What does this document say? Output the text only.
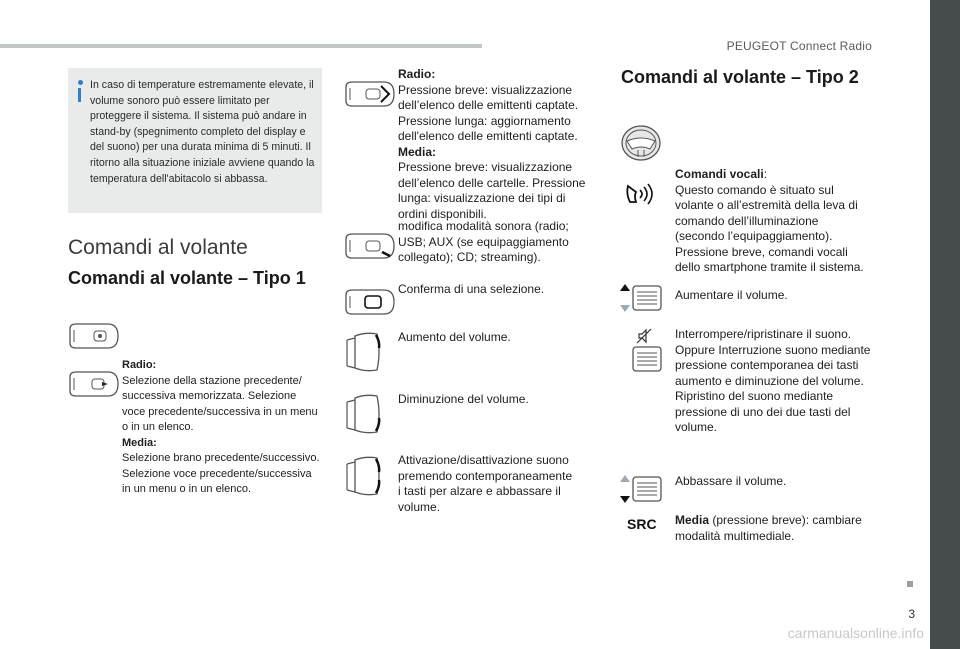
PEUGEOT Connect Radio
In caso di temperature estremamente elevate, il volume sonoro può essere limitato per proteggere il sistema. Il sistema può andare in stand-by (spegnimento completo del display e del suono) per una durata minima di 5 minuti. Il ritorno alla situazione iniziale avviene quando la temperatura dell'abitacolo si abbassa.
Comandi al volante
Comandi al volante – Tipo 1
Comandi al volante – Tipo 2
Radio:
Selezione della stazione precedente/ successiva memorizzata. Selezione voce precedente/successiva in un menu o in un elenco.
Media:
Selezione brano precedente/successivo. Selezione voce precedente/successiva in un menu o in un elenco.
Radio:
Pressione breve: visualizzazione dell’elenco delle emittenti captate. Pressione lunga: aggiornamento dell'elenco delle emittenti captate.
Media:
Pressione breve: visualizzazione dell’elenco delle cartelle. Pressione lunga: visualizzazione dei tipi di ordini disponibili.
modifica modalità sonora (radio; USB; AUX (se equipaggiamento collegato); CD; streaming).
Conferma di una selezione.
Aumento del volume.
Diminuzione del volume.
Attivazione/disattivazione suono premendo contemporaneamente i tasti per alzare e abbassare il volume.
Comandi vocali:
Questo comando è situato sul volante o all’estremità della leva di comando dell’illuminazione (secondo l’equipaggiamento). Pressione breve, comandi vocali dello smartphone tramite il sistema.
Aumentare il volume.
Interrompere/ripristinare il suono. Oppure Interruzione suono mediante pressione contemporanea dei tasti aumento e diminuzione del volume. Ripristino del suono mediante pressione di uno dei due tasti del volume.
Abbassare il volume.
SRC Media (pressione breve): cambiare modalità multimediale.
3
carmanualsonline.info
